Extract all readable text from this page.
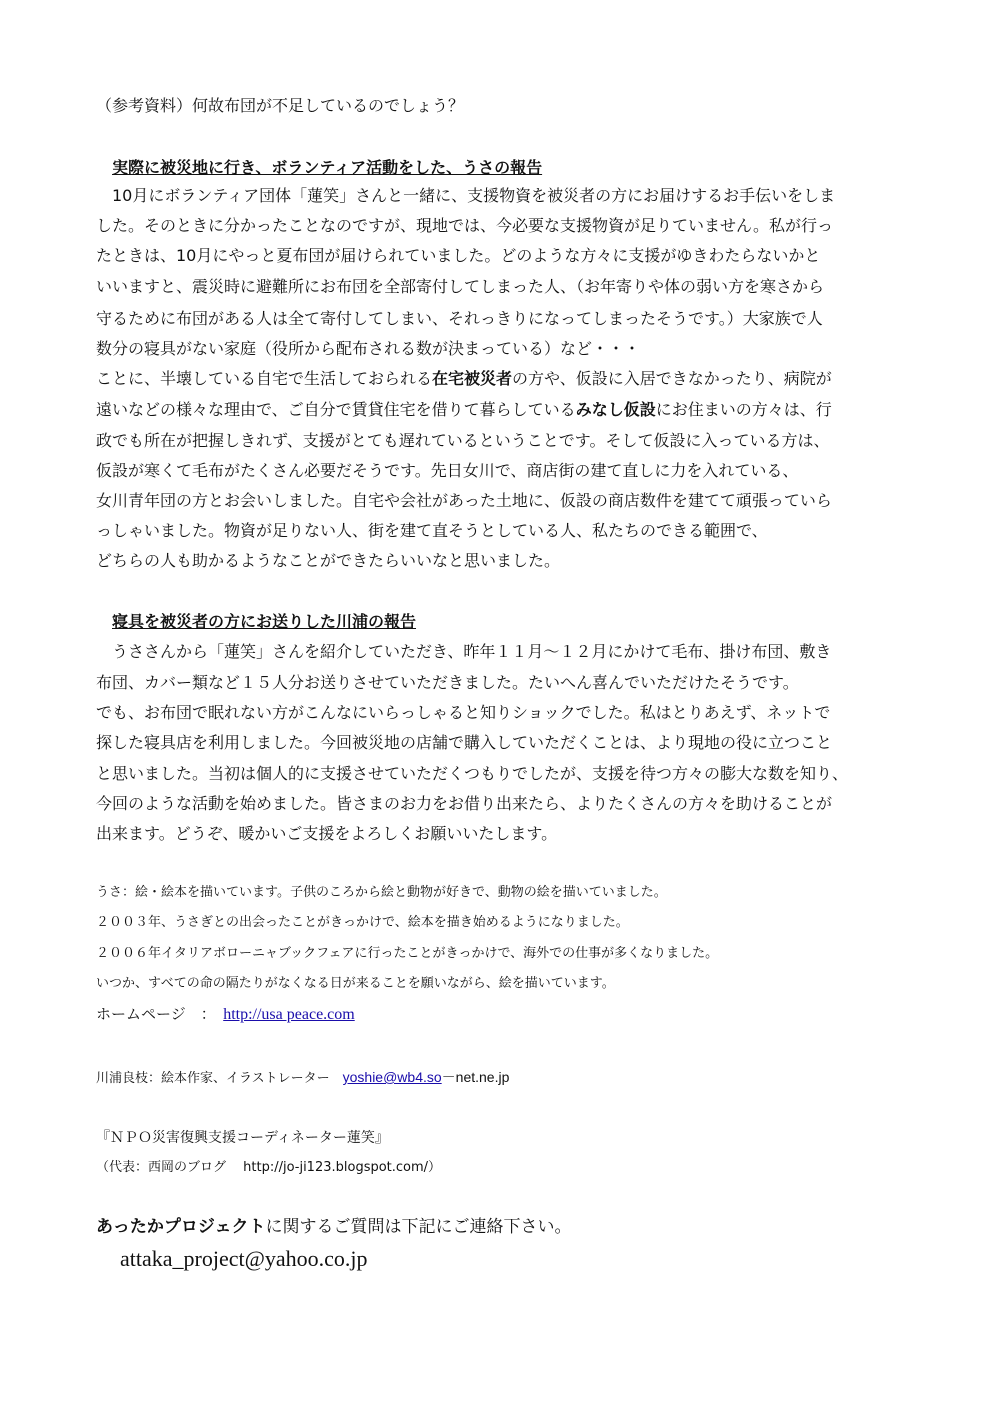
（参考資料）何故布団が不足しているのでしょう？
実際に被災地に行き、ボランティア活動をした、うさの報告
10月にボランティア団体「蓮笑」さんと一緒に、支援物資を被災者の方にお届けするお手伝いをしま
した。そのときに分かったことなのですが、現地では、今必要な支援物資が足りていません。私が行っ
たときは、10月にやっと夏布団が届けられていました。どのような方々に支援がゆきわたらないかと
いいますと、震災時に避難所にお布団を全部寄付してしまった人、（お年寄りや体の弱い方を寒さから
守るために布団がある人は全て寄付してしまい、それっきりになってしまったそうです。）大家族で人
数分の寝具がない家庭（役所から配布される数が決まっている）など・・・
ことに、半壊している自宅で生活しておられる在宅被災者の方や、仮設に入居できなかったり、病院が
遠いなどの様々な理由で、ご自分で賃貸住宅を借りて暮らしているみなし仮設にお住まいの方々は、行
政でも所在が把握しきれず、支援がとても遅れているということです。そして仮設に入っている方は、
仮設が寒くて毛布がたくさん必要だそうです。先日女川で、商店街の建て直しに力を入れている、
女川青年団の方とお会いしました。自宅や会社があった土地に、仮設の商店数件を建てて頑張っていら
っしゃいました。物資が足りない人、街を建て直そうとしている人、私たちのできる範囲で、
どちらの人も助かるようなことができたらいいなと思いました。
寝具を被災者の方にお送りした川浦の報告
うささんから「蓮笑」さんを紹介していただき、昨年１１月～１２月にかけて毛布、掛け布団、敷き
布団、カバー類など１５人分お送りさせていただきました。たいへん喜んでいただけたそうです。
でも、お布団で眠れない方がこんなにいらっしゃると知りショックでした。私はとりあえず、ネットで
探した寝具店を利用しました。今回被災地の店舗で購入していただくことは、より現地の役に立つこと
と思いました。当初は個人的に支援させていただくつもりでしたが、支援を待つ方々の膨大な数を知り、
今回のような活動を始めました。皆さまのお力をお借り出来たら、よりたくさんの方々を助けることが
出来ます。どうぞ、暖かいご支援をよろしくお願いいたします。
うさ：絵・絵本を描いています。子供のころから絵と動物が好きで、動物の絵を描いていました。
２００３年、うさぎとの出会ったことがきっかけで、絵本を描き始めるようになりました。
２００６年イタリアボローニャブックフェアに行ったことがきっかけで、海外での仕事が多くなりました。
いつか、すべての命の隔たりがなくなる日が来ることを願いながら、絵を描いています。
ホームページ　：　http://usa peace.com
川浦良枝：絵本作家、イラストレーター　yoshie@wb4.so－net.ne.jp
『ＮＰＯ災害復興支援コーディネーター蓮笑』
（代表：西岡のブログ　 http://jo-ji123.blogspot.com/）
あったかプロジェクトに関するご質問は下記にご連絡下さい。
attaka_project@yahoo.co.jp
